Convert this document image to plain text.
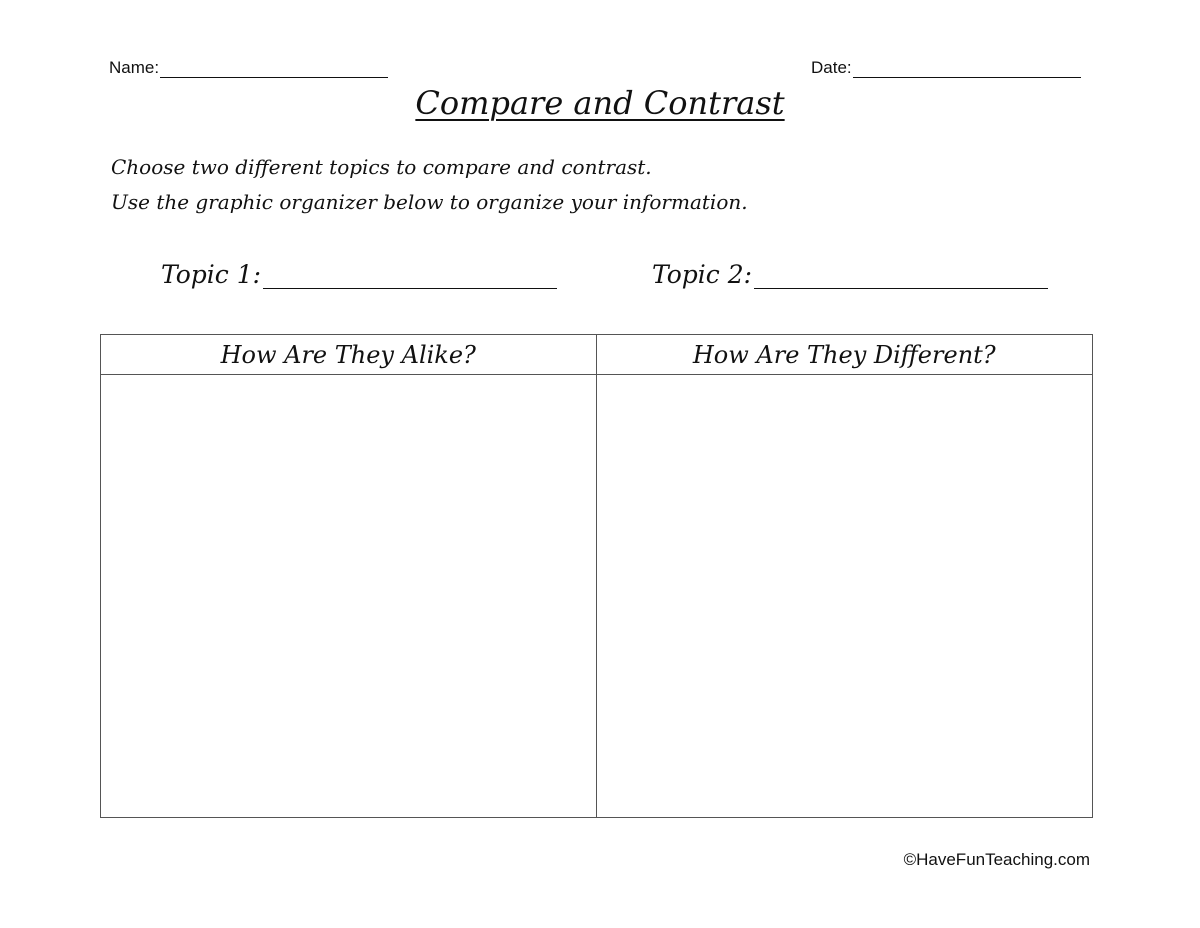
Name:	Date:
Compare and Contrast
Choose two different topics to compare and contrast.
Use the graphic organizer below to organize your information.
Topic 1:	Topic 2:
How Are They Alike?	How Are They Different?
©HaveFunTeaching.com
